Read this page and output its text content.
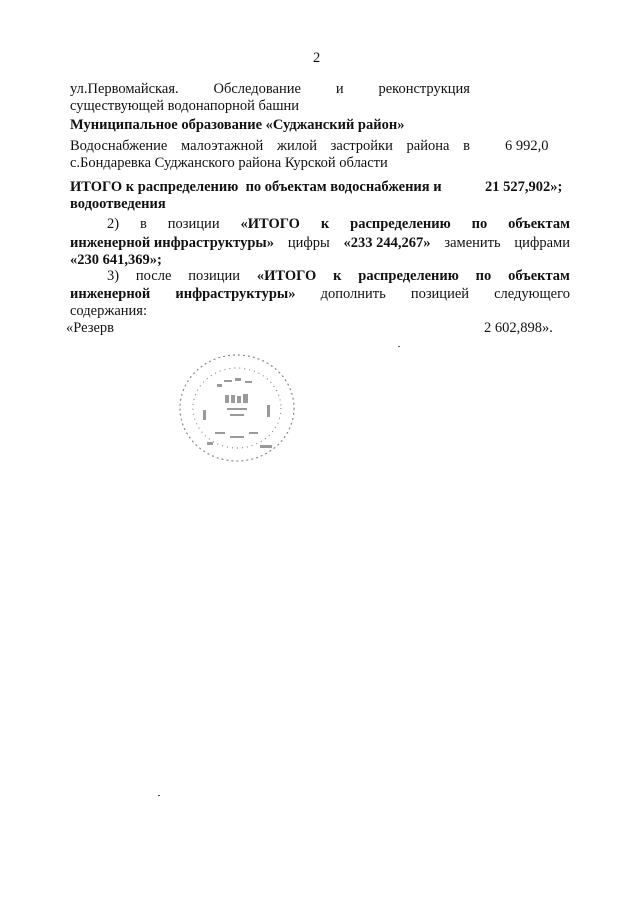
2
ул.Первомайская. Обследование и реконструкция
существующей водонапорной башни
Муниципальное образование «Суджанский район»
Водоснабжение малоэтажной жилой застройки района в 6 992,0
с.Бондаревка Суджанского района Курской области
ИТОГО к распределению  по объектам водоснабжения и	21 527,902»;
водоотведения
2) в позиции «ИТОГО к распределению по объектам
инженерной инфраструктуры» цифры «233 244,267» заменить цифрами
«230 641,369»;
3) после позиции «ИТОГО к распределению по объектам
инженерной инфраструктуры» дополнить позицией следующего
содержания:
«Резерв	2 602,898».
